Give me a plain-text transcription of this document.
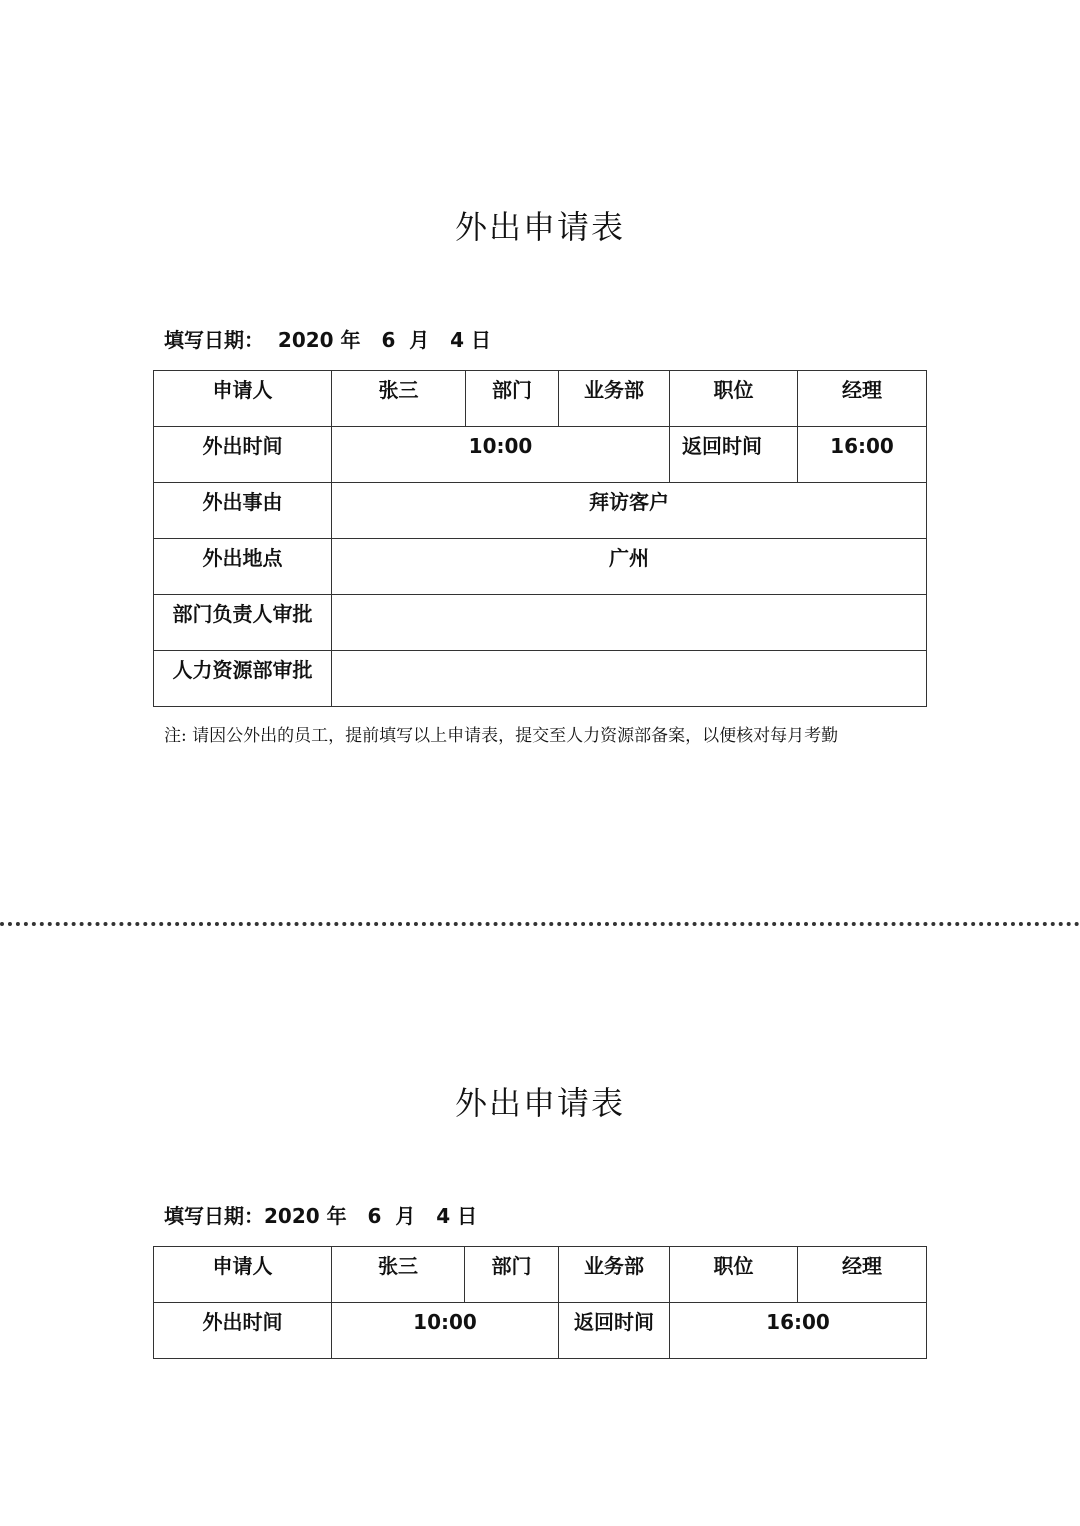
外出申请表
填写日期：  2020 年   6  月   4 日
申请人	张三	部门	业务部	职位	经理
外出时间	10:00			返回时间	16:00
外出事由	拜访客户				
外出地点	广州				
部门负责人审批					
人力资源部审批					
注: 请因公外出的员工，提前填写以上申请表，提交至人力资源部备案，以便核对每月考勤
外出申请表
填写日期：2020 年   6  月   4 日
申请人	张三	部门	业务部	职位	经理
外出时间	10:00		返回时间	16:00	
